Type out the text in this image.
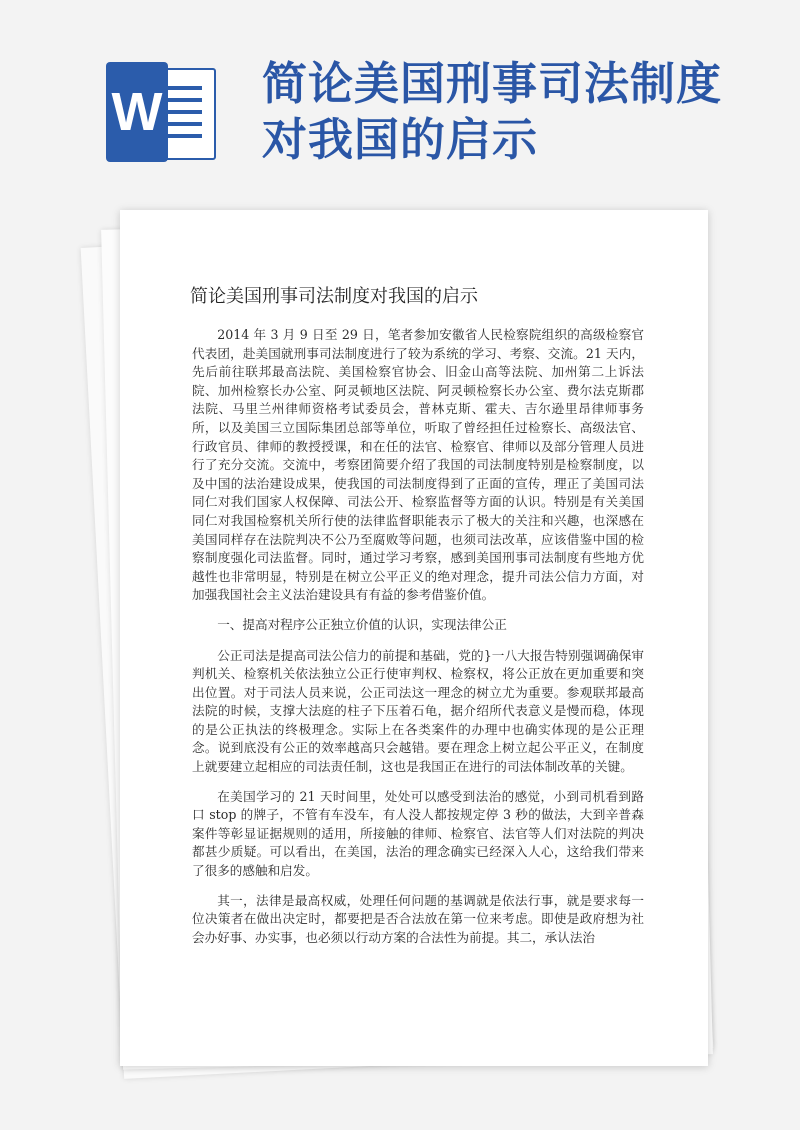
W 简论美国刑事司法制度
对我国的启示
简论美国刑事司法制度对我国的启示

2014 年 3 月 9 日至 29 日，笔者参加安徽省人民检察院组织的高级检察官代表团，赴美国就刑事司法制度进行了较为系统的学习、考察、交流。21 天内，先后前往联邦最高法院、美国检察官协会、旧金山高等法院、加州第二上诉法院、加州检察长办公室、阿灵顿地区法院、阿灵顿检察长办公室、费尔法克斯郡法院、马里兰州律师资格考试委员会，普林克斯、霍夫、吉尔逊里昂律师事务所，以及美国三立国际集团总部等单位，听取了曾经担任过检察长、高级法官、行政官员、律师的教授授课，和在任的法官、检察官、律师以及部分管理人员进行了充分交流。交流中，考察团简要介绍了我国的司法制度特别是检察制度，以及中国的法治建设成果，使我国的司法制度得到了正面的宣传，理正了美国司法同仁对我们国家人权保障、司法公开、检察监督等方面的认识。特别是有关美国同仁对我国检察机关所行使的法律监督职能表示了极大的关注和兴趣，也深感在美国同样存在法院判决不公乃至腐败等问题，也须司法改革，应该借鉴中国的检察制度强化司法监督。同时，通过学习考察，感到美国刑事司法制度有些地方优越性也非常明显，特别是在树立公平正义的绝对理念，提升司法公信力方面，对加强我国社会主义法治建设具有有益的参考借鉴价值。

一、提高对程序公正独立价值的认识，实现法律公正

公正司法是提高司法公信力的前提和基础，党的}一八大报告特别强调确保审判机关、检察机关依法独立公正行使审判权、检察权，将公正放在更加重要和突出位置。对于司法人员来说，公正司法这一理念的树立尤为重要。参观联邦最高法院的时候，支撑大法庭的柱子下压着石龟，据介绍所代表意义是慢而稳，体现的是公正执法的终极理念。实际上在各类案件的办理中也确实体现的是公正理念。说到底没有公正的效率越高只会越错。要在理念上树立起公平正义，在制度上就要建立起相应的司法责任制，这也是我国正在进行的司法体制改革的关键。

在美国学习的 21 天时间里，处处可以感受到法治的感觉，小到司机看到路口 stop 的牌子，不管有车没车，有人没人都按规定停 3 秒的做法，大到辛普森案件等彰显证据规则的适用，所接触的律师、检察官、法官等人们对法院的判决都甚少质疑。可以看出，在美国，法治的理念确实已经深入人心，这给我们带来了很多的感触和启发。

其一，法律是最高权威，处理任何问题的基调就是依法行事，就是要求每一位决策者在做出决定时，都要把是否合法放在第一位来考虑。即使是政府想为社会办好事、办实事，也必须以行动方案的合法性为前提。其二，承认法治
